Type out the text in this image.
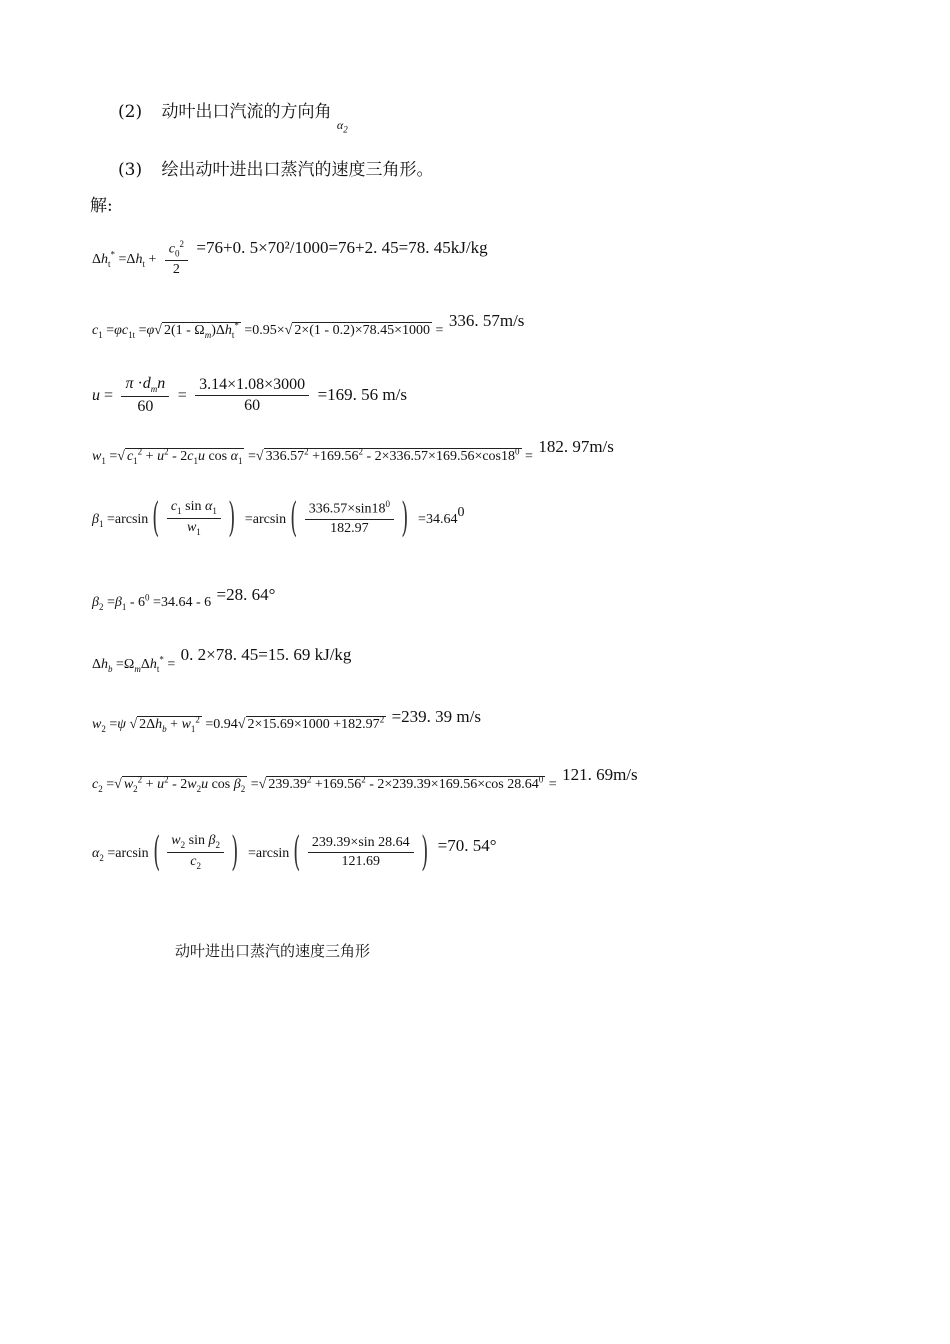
(2) 动叶出口汽流的方向角 $_{\alpha_2}$
(3) 绘出动叶进出口蒸汽的速度三角形。
解:
$\Delta h_t^* =\Delta h_t + \frac{c_0^2}{2} =76+0$. 5×70²/1000=76+2. 45=78. 45kJ/kg
$c_1 =\varphi c_{1t} =\varphi√$ $2(1 - \Omega_m)\Delta h_t^* =0.95\times√$ 2×(1 - 0.2)×78.45×1000 = 336. 57m/s
$u = \frac{\pi \cdot d_mn}{60} = \frac{3.14\times 1.08\times 3000}{60} =169$. 56 m/s
$w_1$ =√ $c_1^2 + u^2 - 2c_1u$ $\cos \alpha_1$ =√ $336.57^2 +169.56^2 - 2\times 336.57\times 169.56\times\cos 18^0 = 182$. 97m/s
$\beta_1 =\arcsin$ ( $\frac{c_1 \sin \alpha_1}{w_1}$ ) =arcsin ( $\frac{336.57\times\sin 18^0}{182.97}$ ) $=34.64^0$
$\beta_2 =\beta_1 - 6^0 =34.64 - 6 =28$. 64°
$\Delta h_b =\Omega_m\Delta h_t^* = 0$. 2×78. 45=15. 69 kJ/kg
$w_2 =\psi$ √ $2\Delta h_b + w_1^2 =0.94√$ $2\times 15.69\times 1000 +182.97^2 =239$. 39 m/s
$c_2$ =√ $w_2^2 + u^2 - 2w_2u$ $\cos \beta_2$ =√ $239.39^2 +169.56^2 - 2\times 239.39\times 169.56\times\cos$ $28.64^0 = 121$. 69m/s
$\alpha_2 =\arcsin$ ( $\frac{w_2 \sin \beta_2}{c_2}$ ) =arcsin ( $\frac{239.39\times\sin 28.64}{121.69}$ ) =70. 54°
动叶进出口蒸汽的速度三角形
